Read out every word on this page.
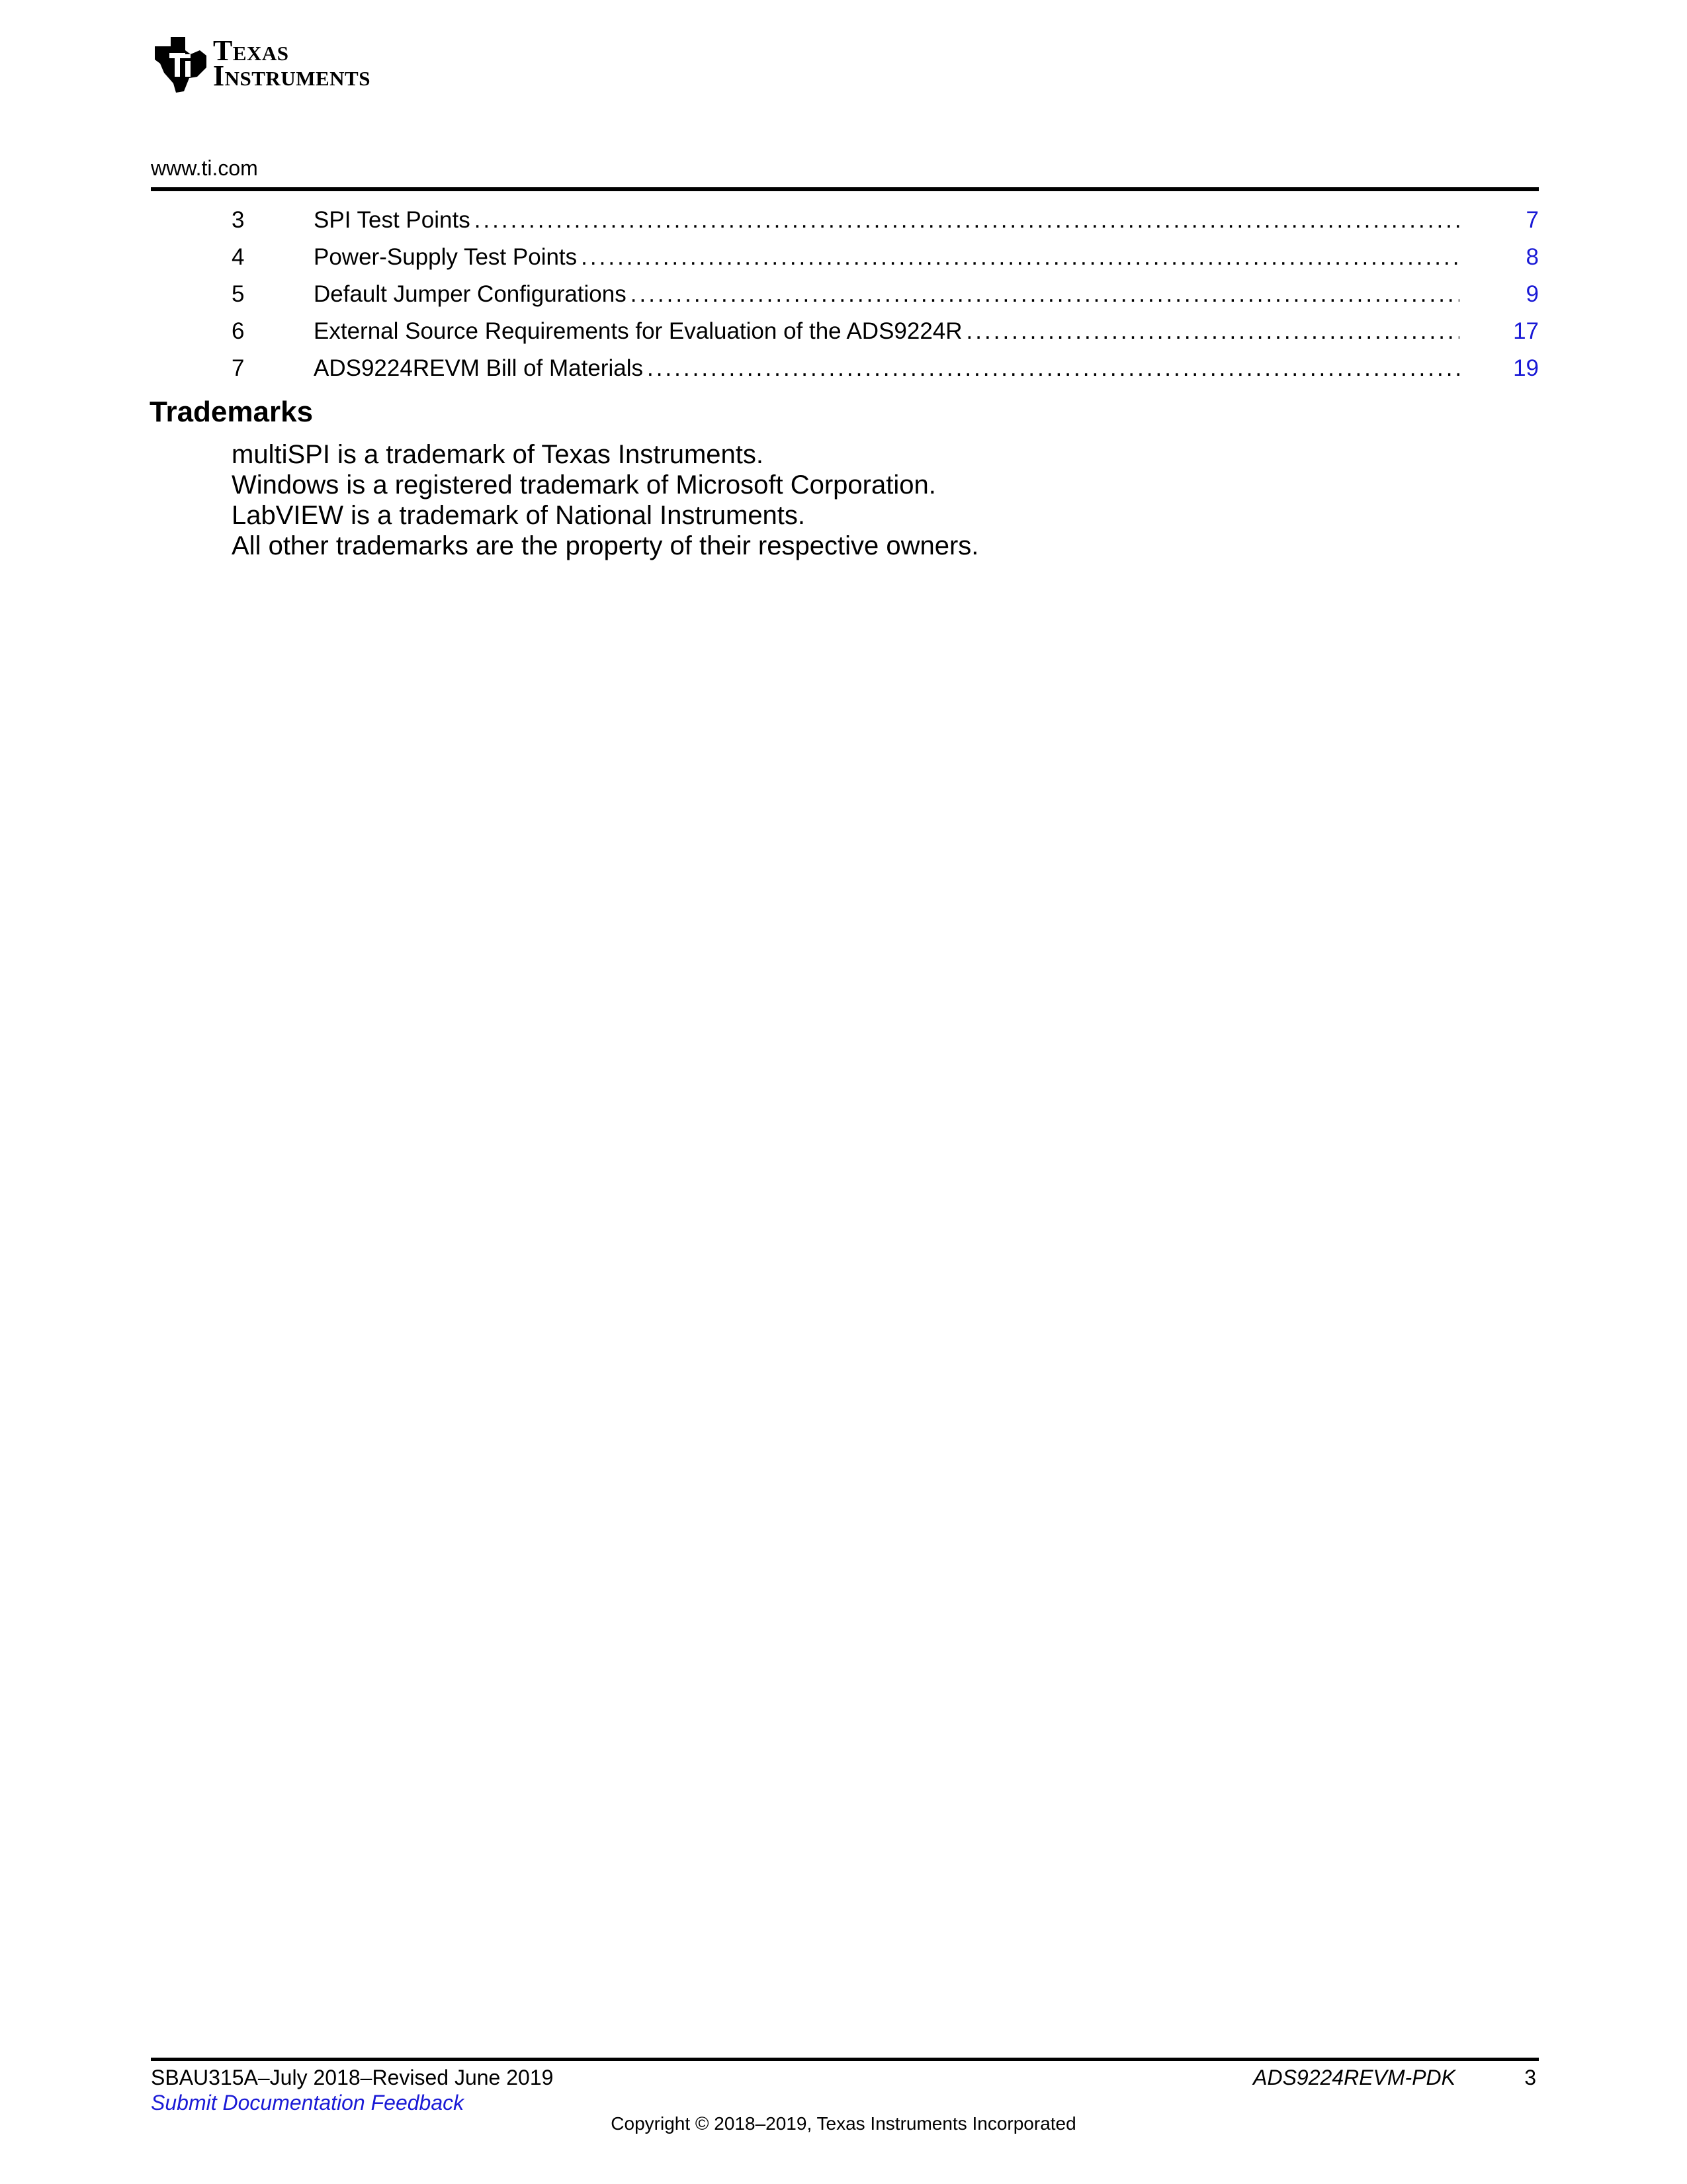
Texas
Instruments
www.ti.com
3	SPI Test Points .....	7
4	Power-Supply Test Points .....	8
5	Default Jumper Configurations .....	9
6	External Source Requirements for Evaluation of the ADS9224R .....	17
7	ADS9224REVM Bill of Materials .....	19
Trademarks
multiSPI is a trademark of Texas Instruments.
Windows is a registered trademark of Microsoft Corporation.
LabVIEW is a trademark of National Instruments.
All other trademarks are the property of their respective owners.
SBAU315A–July 2018–Revised June 2019	ADS9224REVM-PDK	3
Submit Documentation Feedback
Copyright © 2018–2019, Texas Instruments Incorporated
